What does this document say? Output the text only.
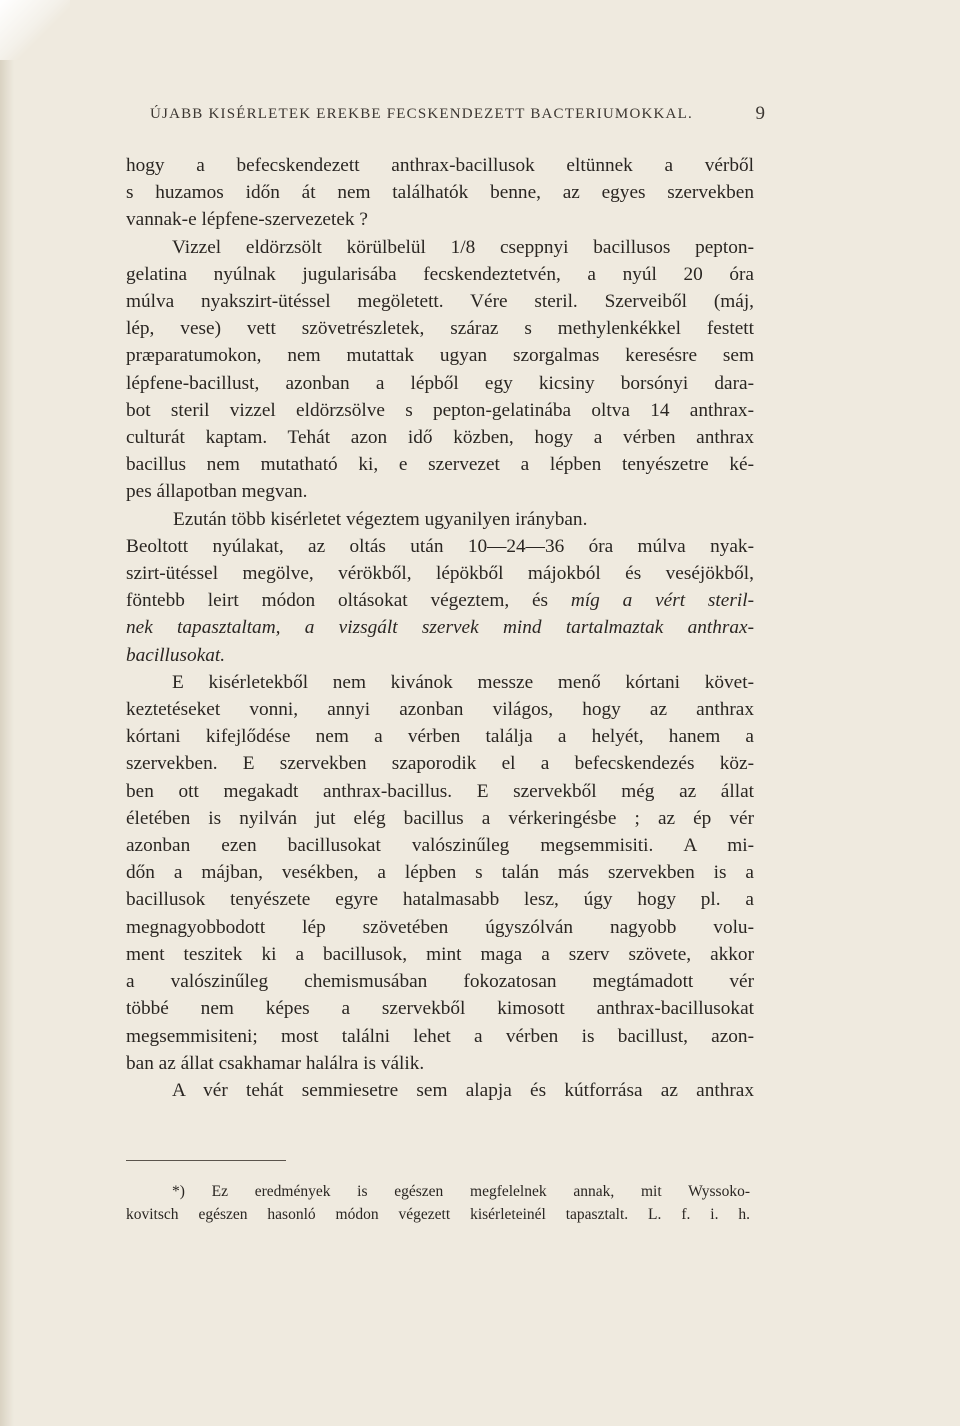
ÚJABB KISÉRLETEK EREKBE FECSKENDEZETT BACTERIUMOKKAL.	9
hogy a befecskendezett anthrax-bacillusok eltünnek a vérből
s huzamos időn át nem találhatók benne, az egyes szervekben
vannak-e lépfene-szervezetek ?
Vizzel eldörzsölt körülbelül 1/8 cseppnyi bacillusos pepton-
gelatina nyúlnak jugularisába fecskendeztetvén, a nyúl 20 óra
múlva nyakszirt-ütéssel megöletett. Vére steril. Szerveiből (máj,
lép, vese) vett szövetrészletek, száraz s methylenkékkel festett
præparatumokon, nem mutattak ugyan szorgalmas keresésre sem
lépfene-bacillust, azonban a lépből egy kicsiny borsónyi dara-
bot steril vizzel eldörzsölve s pepton-gelatinába oltva 14 anthrax-
culturát kaptam. Tehát azon idő közben, hogy a vérben anthrax
bacillus nem mutatható ki, e szervezet a lépben tenyészetre ké-
pes állapotban megvan.
Ezután több kisérletet végeztem ugyanilyen irányban.
Beoltott nyúlakat, az oltás után 10—24—36 óra múlva nyak-
szirt-ütéssel megölve, vérökből, lépökből májokból és veséjökből,
föntebb leirt módon oltásokat végeztem, és míg a vért steril-
nek tapasztaltam, a vizsgált szervek mind tartalmaztak anthrax-
bacillusokat.
E kisérletekből nem kivánok messze menő kórtani követ-
keztetéseket vonni, annyi azonban világos, hogy az anthrax
kórtani kifejlődése nem a vérben találja a helyét, hanem a
szervekben. E szervekben szaporodik el a befecskendezés köz-
ben ott megakadt anthrax-bacillus. E szervekből még az állat
életében is nyilván jut elég bacillus a vérkeringésbe ; az ép vér
azonban ezen bacillusokat valószinűleg megsemmisiti. A mi-
dőn a májban, vesékben, a lépben s talán más szervekben is a
bacillusok tenyészete egyre hatalmasabb lesz, úgy hogy pl. a
megnagyobbodott lép szövetében úgyszólván nagyobb volu-
ment teszitek ki a bacillusok, mint maga a szerv szövete, akkor
a valószinűleg chemismusában fokozatosan megtámadott vér
többé nem képes a szervekből kimosott anthrax-bacillusokat
megsemmisiteni; most találni lehet a vérben is bacillust, azon-
ban az állat csakhamar halálra is válik.
A vér tehát semmiesetre sem alapja és kútforrása az anthrax
*) Ez eredmények is egészen megfelelnek annak, mit Wyssoko-
kovitsch egészen hasonló módon végezett kisérleteinél tapasztalt. L. f. i. h.
